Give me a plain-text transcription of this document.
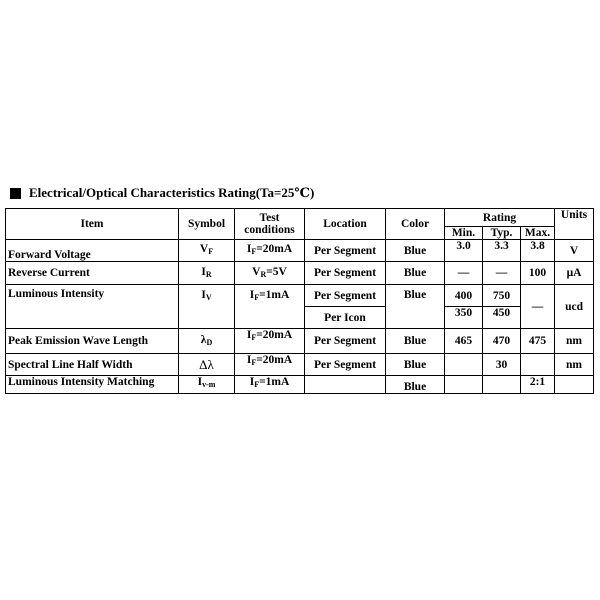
Electrical/Optical Characteristics Rating(Ta=25℃)
Item	Symbol	Test conditions	Location	Color	Rating			Units
					Min.	Typ.	Max.	
Forward Voltage	$V_F$	$I_F=20mA$	Per Segment	Blue	3.0	3.3	3.8	V
Reverse Current	$I_R$	$V_R=5V$	Per Segment	Blue	—	—	100	μA
Luminous Intensity	$I_V$	$I_F=1mA$	Per Segment	Blue	400	750	—	ucd
			Per Icon		350	450		
Peak Emission Wave Length	$\lambda_D$	$I_F=20mA$	Per Segment	Blue	465	470	475	nm
Spectral Line Half Width	Δλ	$I_F=20mA$	Per Segment	Blue		30		nm
Luminous Intensity Matching	$I_{v-m}$	$I_F=1mA$		Blue			2:1	
